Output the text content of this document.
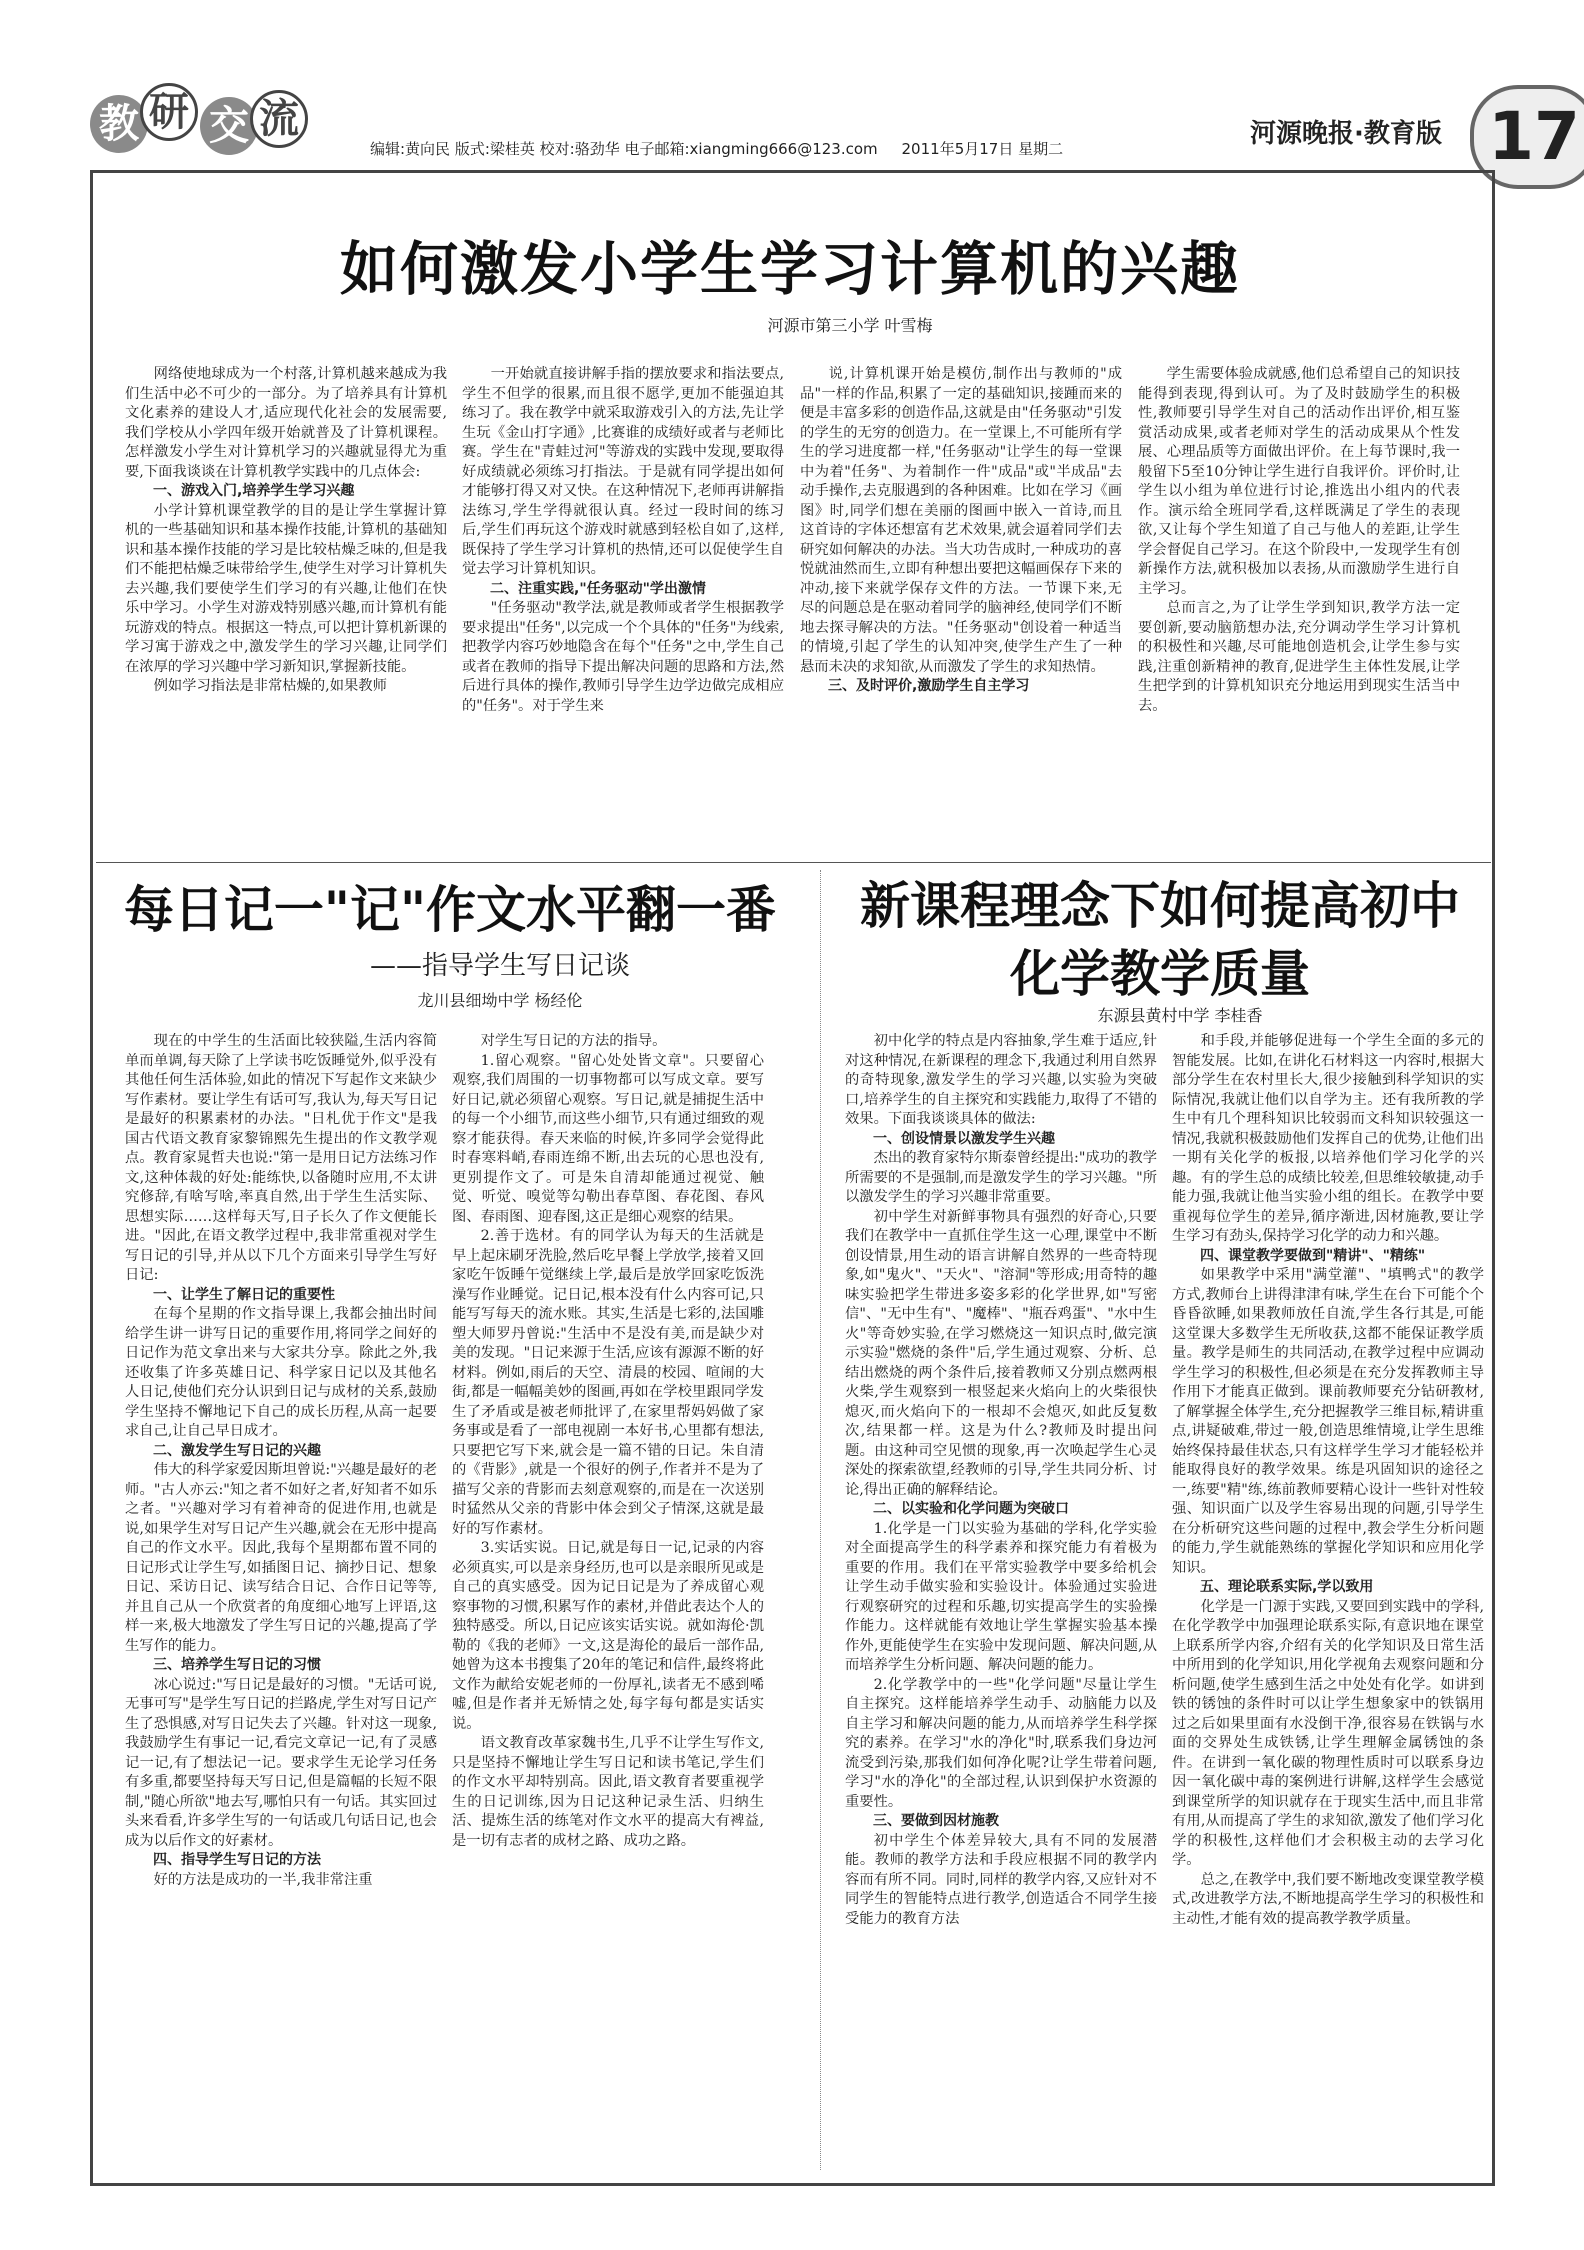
教 研 交 流
编辑:黄向民 版式:梁桂英 校对:骆劲华 电子邮箱:xiangming666@123.com 2011年5月17日 星期二	河源晚报·教育版 17
如何激发小学生学习计算机的兴趣
河源市第三小学 叶雪梅

网络使地球成为一个村落,计算机越来越成为我们生活中必不可少的一部分。为了培养具有计算机文化素养的建设人才,适应现代化社会的发展需要,我们学校从小学四年级开始就普及了计算机课程。怎样激发小学生对计算机学习的兴趣就显得尤为重要,下面我谈谈在计算机教学实践中的几点体会:

一、游戏入门,培养学生学习兴趣

小学计算机课堂教学的目的是让学生掌握计算机的一些基础知识和基本操作技能,计算机的基础知识和基本操作技能的学习是比较枯燥乏味的,但是我们不能把枯燥乏味带给学生,使学生对学习计算机失去兴趣,我们要使学生们学习的有兴趣,让他们在快乐中学习。小学生对游戏特别感兴趣,而计算机有能玩游戏的特点。根据这一特点,可以把计算机新课的学习寓于游戏之中,激发学生的学习兴趣,让同学们在浓厚的学习兴趣中学习新知识,掌握新技能。

例如学习指法是非常枯燥的,如果教师

一开始就直接讲解手指的摆放要求和指法要点,学生不但学的很累,而且很不愿学,更加不能强迫其练习了。我在教学中就采取游戏引入的方法,先让学生玩《金山打字通》,比赛谁的成绩好或者与老师比赛。学生在"青蛙过河"等游戏的实践中发现,要取得好成绩就必须练习打指法。于是就有同学提出如何才能够打得又对又快。在这种情况下,老师再讲解指法练习,学生学得就很认真。经过一段时间的练习后,学生们再玩这个游戏时就感到轻松自如了,这样,既保持了学生学习计算机的热情,还可以促使学生自觉去学习计算机知识。

二、注重实践,"任务驱动"学出激情

"任务驱动"教学法,就是教师或者学生根据教学要求提出"任务",以完成一个个具体的"任务"为线索,把教学内容巧妙地隐含在每个"任务"之中,学生自己或者在教师的指导下提出解决问题的思路和方法,然后进行具体的操作,教师引导学生边学边做完成相应的"任务"。对于学生来

说,计算机课开始是模仿,制作出与教师的"成品"一样的作品,积累了一定的基础知识,接踵而来的便是丰富多彩的创造作品,这就是由"任务驱动"引发的学生的无穷的创造力。在一堂课上,不可能所有学生的学习进度都一样,"任务驱动"让学生的每一堂课中为着"任务"、为着制作一件"成品"或"半成品"去动手操作,去克服遇到的各种困难。比如在学习《画图》时,同学们想在美丽的图画中嵌入一首诗,而且这首诗的字体还想富有艺术效果,就会逼着同学们去研究如何解决的办法。当大功告成时,一种成功的喜悦就油然而生,立即有种想出要把这幅画保存下来的冲动,接下来就学保存文件的方法。一节课下来,无尽的问题总是在驱动着同学的脑神经,使同学们不断地去探寻解决的方法。"任务驱动"创设着一种适当的情境,引起了学生的认知冲突,使学生产生了一种悬而未决的求知欲,从而激发了学生的求知热情。

三、及时评价,激励学生自主学习

学生需要体验成就感,他们总希望自己的知识技能得到表现,得到认可。为了及时鼓励学生的积极性,教师要引导学生对自己的活动作出评价,相互鉴赏活动成果,或者老师对学生的活动成果从个性发展、心理品质等方面做出评价。在上每节课时,我一般留下5至10分钟让学生进行自我评价。评价时,让学生以小组为单位进行讨论,推选出小组内的代表作。演示给全班同学看,这样既满足了学生的表现欲,又让每个学生知道了自己与他人的差距,让学生学会督促自己学习。在这个阶段中,一发现学生有创新操作方法,就积极加以表扬,从而激励学生进行自主学习。

总而言之,为了让学生学到知识,教学方法一定要创新,要动脑筋想办法,充分调动学生学习计算机的积极性和兴趣,尽可能地创造机会,让学生参与实践,注重创新精神的教育,促进学生主体性发展,让学生把学到的计算机知识充分地运用到现实生活当中去。

每日记一"记"作文水平翻一番
——指导学生写日记谈
龙川县细坳中学 杨经伦

现在的中学生的生活面比较狭隘,生活内容简单而单调,每天除了上学读书吃饭睡觉外,似乎没有其他任何生活体验,如此的情况下写起作文来缺少写作素材。要让学生有话可写,我认为,每天写日记是最好的积累素材的办法。"日札优于作文"是我国古代语文教育家黎锦熙先生提出的作文教学观点。教育家晁哲夫也说:"第一是用日记方法练习作文,这种体裁的好处:能练快,以备随时应用,不太讲究修辞,有啥写啥,率真自然,出于学生生活实际、思想实际……这样每天写,日子长久了作文便能长进。"因此,在语文教学过程中,我非常重视对学生写日记的引导,并从以下几个方面来引导学生写好日记:

一、让学生了解日记的重要性

在每个星期的作文指导课上,我都会抽出时间给学生讲一讲写日记的重要作用,将同学之间好的日记作为范文拿出来与大家共分享。除此之外,我还收集了许多英雄日记、科学家日记以及其他名人日记,使他们充分认识到日记与成材的关系,鼓励学生坚持不懈地记下自己的成长历程,从高一起要求自己,让自己早日成才。

二、激发学生写日记的兴趣

伟大的科学家爱因斯坦曾说:"兴趣是最好的老师。"古人亦云:"知之者不如好之者,好知者不如乐之者。"兴趣对学习有着神奇的促进作用,也就是说,如果学生对写日记产生兴趣,就会在无形中提高自己的作文水平。因此,我每个星期都布置不同的日记形式让学生写,如插图日记、摘抄日记、想象日记、采访日记、读写结合日记、合作日记等等,并且自己从一个欣赏者的角度细心地写上评语,这样一来,极大地激发了学生写日记的兴趣,提高了学生写作的能力。

三、培养学生写日记的习惯

冰心说过:"写日记是最好的习惯。"无话可说,无事可写"是学生写日记的拦路虎,学生对写日记产生了恐惧感,对写日记失去了兴趣。针对这一现象,我鼓励学生有事记一记,看完文章记一记,有了灵感记一记,有了想法记一记。要求学生无论学习任务有多重,都要坚持每天写日记,但是篇幅的长短不限制,"随心所欲"地去写,哪怕只有一句话。其实回过头来看看,许多学生写的一句话或几句话日记,也会成为以后作文的好素材。

四、指导学生写日记的方法

好的方法是成功的一半,我非常注重

对学生写日记的方法的指导。

1.留心观察。"留心处处皆文章"。只要留心观察,我们周围的一切事物都可以写成文章。要写好日记,就必须留心观察。写日记,就是捕捉生活中的每一个小细节,而这些小细节,只有通过细致的观察才能获得。春天来临的时候,许多同学会觉得此时春寒料峭,春雨连绵不断,出去玩的心思也没有,更别提作文了。可是朱自清却能通过视觉、触觉、听觉、嗅觉等勾勒出春草图、春花图、春风图、春雨图、迎春图,这正是细心观察的结果。

2.善于选材。有的同学认为每天的生活就是早上起床刷牙洗脸,然后吃早餐上学放学,接着又回家吃午饭睡午觉继续上学,最后是放学回家吃饭洗澡写作业睡觉。记日记,根本没有什么内容可记,只能写写每天的流水账。其实,生活是七彩的,法国雕塑大师罗丹曾说:"生活中不是没有美,而是缺少对美的发现。"日记来源于生活,应该有源源不断的好材料。例如,雨后的天空、清晨的校园、喧闹的大街,都是一幅幅美妙的图画,再如在学校里跟同学发生了矛盾或是被老师批评了,在家里帮妈妈做了家务事或是看了一部电视剧一本好书,心里都有想法,只要把它写下来,就会是一篇不错的日记。朱自清的《背影》,就是一个很好的例子,作者并不是为了描写父亲的背影而去刻意观察的,而是在一次送别时猛然从父亲的背影中体会到父子情深,这就是最好的写作素材。

3.实话实说。日记,就是每日一记,记录的内容必须真实,可以是亲身经历,也可以是亲眼所见或是自己的真实感受。因为记日记是为了养成留心观察事物的习惯,积累写作的素材,并借此表达个人的独特感受。所以,日记应该实话实说。就如海伦·凯勒的《我的老师》一文,这是海伦的最后一部作品,她曾为这本书搜集了20年的笔记和信件,最终将此文作为献给安妮老师的一份厚礼,读者无不感到唏嘘,但是作者并无矫情之处,每字每句都是实话实说。

语文教育改革家魏书生,几乎不让学生写作文,只是坚持不懈地让学生写日记和读书笔记,学生们的作文水平却特别高。因此,语文教育者要重视学生的日记训练,因为日记这种记录生活、归纳生活、提炼生活的练笔对作文水平的提高大有裨益,是一切有志者的成材之路、成功之路。

新课程理念下如何提高初中
化学教学质量
东源县黄村中学 李桂香

初中化学的特点是内容抽象,学生难于适应,针对这种情况,在新课程的理念下,我通过利用自然界的奇特现象,激发学生的学习兴趣,以实验为突破口,培养学生的自主探究和实践能力,取得了不错的效果。下面我谈谈具体的做法:

一、创设情景以激发学生兴趣

杰出的教育家特尔斯泰曾经提出:"成功的教学所需要的不是强制,而是激发学生的学习兴趣。"所以激发学生的学习兴趣非常重要。

初中学生对新鲜事物具有强烈的好奇心,只要我们在教学中一直抓住学生这一心理,课堂中不断创设情景,用生动的语言讲解自然界的一些奇特现象,如"鬼火"、"天火"、"溶洞"等形成;用奇特的趣味实验把学生带进多姿多彩的化学世界,如"写密信"、"无中生有"、"魔棒"、"瓶吞鸡蛋"、"水中生火"等奇妙实验,在学习燃烧这一知识点时,做完演示实验"燃烧的条件"后,学生通过观察、分析、总结出燃烧的两个条件后,接着教师又分别点燃两根火柴,学生观察到一根竖起来火焰向上的火柴很快熄灭,而火焰向下的一根却不会熄灭,如此反复数次,结果都一样。这是为什么?教师及时提出问题。由这种司空见惯的现象,再一次唤起学生心灵深处的探索欲望,经教师的引导,学生共同分析、讨论,得出正确的解释结论。

二、以实验和化学问题为突破口

1.化学是一门以实验为基础的学科,化学实验对全面提高学生的科学素养和探究能力有着极为重要的作用。我们在平常实验教学中要多给机会让学生动手做实验和实验设计。体验通过实验进行观察研究的过程和乐趣,切实提高学生的实验操作能力。这样就能有效地让学生掌握实验基本操作外,更能使学生在实验中发现问题、解决问题,从而培养学生分析问题、解决问题的能力。

2.化学教学中的一些"化学问题"尽量让学生自主探究。这样能培养学生动手、动脑能力以及自主学习和解决问题的能力,从而培养学生科学探究的素养。在学习"水的净化"时,联系我们身边河流受到污染,那我们如何净化呢?让学生带着问题,学习"水的净化"的全部过程,认识到保护水资源的重要性。

三、要做到因材施教

初中学生个体差异较大,具有不同的发展潜能。教师的教学方法和手段应根据不同的教学内容而有所不同。同时,同样的教学内容,又应针对不同学生的智能特点进行教学,创造适合不同学生接受能力的教育方法

和手段,并能够促进每一个学生全面的多元的智能发展。比如,在讲化石材料这一内容时,根据大部分学生在农村里长大,很少接触到科学知识的实际情况,我就让他们以自学为主。还有我所教的学生中有几个理科知识比较弱而文科知识较强这一情况,我就积极鼓励他们发挥自己的优势,让他们出一期有关化学的板报,以培养他们学习化学的兴趣。有的学生总的成绩比较差,但思维较敏捷,动手能力强,我就让他当实验小组的组长。在教学中要重视每位学生的差异,循序渐进,因材施教,要让学生学习有劲头,保持学习化学的动力和兴趣。

四、课堂教学要做到"精讲"、"精练"

如果教学中采用"满堂灌"、"填鸭式"的教学方式,教师台上讲得津津有味,学生在台下可能个个昏昏欲睡,如果教师放任自流,学生各行其是,可能这堂课大多数学生无所收获,这都不能保证教学质量。教学是师生的共同活动,在教学过程中应调动学生学习的积极性,但必须是在充分发挥教师主导作用下才能真正做到。课前教师要充分钻研教材,了解掌握全体学生,充分把握教学三维目标,精讲重点,讲疑破难,带过一般,创造思维情境,让学生思维始终保持最佳状态,只有这样学生学习才能轻松并能取得良好的教学效果。练是巩固知识的途径之一,练要"精"练,练前教师要精心设计一些针对性较强、知识面广以及学生容易出现的问题,引导学生在分析研究这些问题的过程中,教会学生分析问题的能力,学生就能熟练的掌握化学知识和应用化学知识。

五、理论联系实际,学以致用

化学是一门源于实践,又要回到实践中的学科,在化学教学中加强理论联系实际,有意识地在课堂上联系所学内容,介绍有关的化学知识及日常生活中所用到的化学知识,用化学视角去观察问题和分析问题,使学生感到生活之中处处有化学。如讲到铁的锈蚀的条件时可以让学生想象家中的铁锅用过之后如果里面有水没倒干净,很容易在铁锅与水面的交界处生成铁锈,让学生理解金属锈蚀的条件。在讲到一氧化碳的物理性质时可以联系身边因一氧化碳中毒的案例进行讲解,这样学生会感觉到课堂所学的知识就存在于现实生活中,而且非常有用,从而提高了学生的求知欲,激发了他们学习化学的积极性,这样他们才会积极主动的去学习化学。

总之,在教学中,我们要不断地改变课堂教学模式,改进教学方法,不断地提高学生学习的积极性和主动性,才能有效的提高教学教学质量。
